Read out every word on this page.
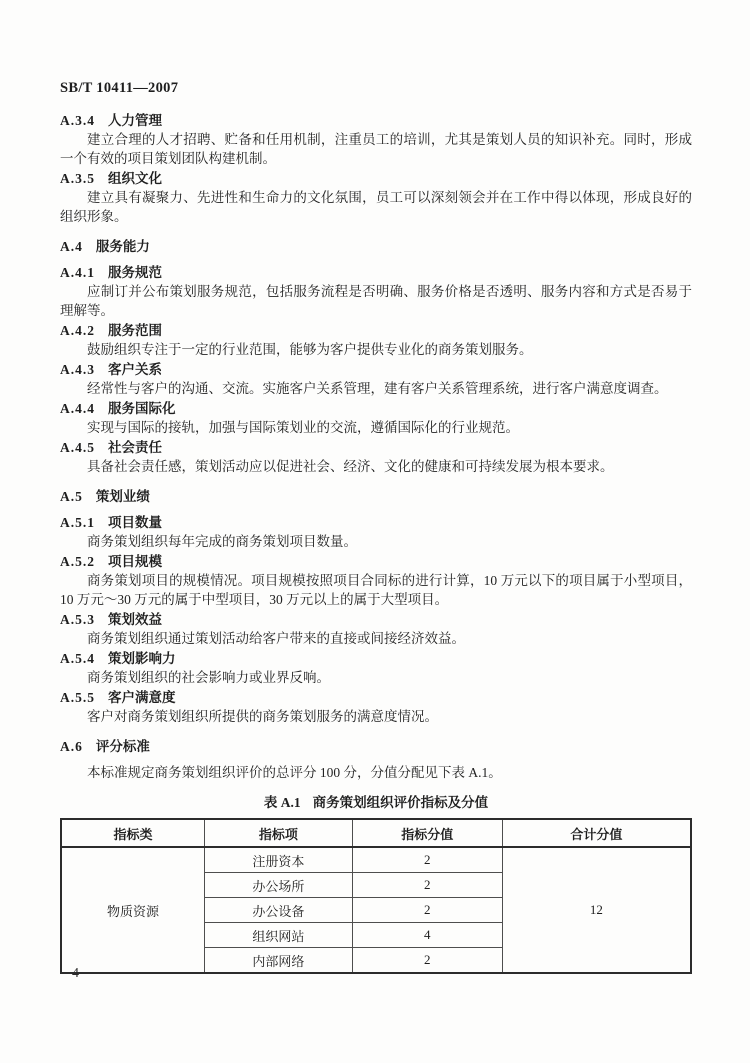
SB/T 10411—2007
A.3.4 人力管理

建立合理的人才招聘、贮备和任用机制，注重员工的培训，尤其是策划人员的知识补充。同时，形成一个有效的项目策划团队构建机制。

A.3.5 组织文化

建立具有凝聚力、先进性和生命力的文化氛围，员工可以深刻领会并在工作中得以体现，形成良好的组织形象。

A.4 服务能力
A.4.1 服务规范

应制订并公布策划服务规范，包括服务流程是否明确、服务价格是否透明、服务内容和方式是否易于理解等。

A.4.2 服务范围

鼓励组织专注于一定的行业范围，能够为客户提供专业化的商务策划服务。

A.4.3 客户关系

经常性与客户的沟通、交流。实施客户关系管理，建有客户关系管理系统，进行客户满意度调查。

A.4.4 服务国际化

实现与国际的接轨，加强与国际策划业的交流，遵循国际化的行业规范。

A.4.5 社会责任

具备社会责任感，策划活动应以促进社会、经济、文化的健康和可持续发展为根本要求。

A.5 策划业绩
A.5.1 项目数量

商务策划组织每年完成的商务策划项目数量。

A.5.2 项目规模

商务策划项目的规模情况。项目规模按照项目合同标的进行计算，10 万元以下的项目属于小型项目，10 万元～30 万元的属于中型项目，30 万元以上的属于大型项目。

A.5.3 策划效益

商务策划组织通过策划活动给客户带来的直接或间接经济效益。

A.5.4 策划影响力

商务策划组织的社会影响力或业界反响。

A.5.5 客户满意度

客户对商务策划组织所提供的商务策划服务的满意度情况。

A.6 评分标准

本标准规定商务策划组织评价的总评分 100 分，分值分配见下表 A.1。

表 A.1 商务策划组织评价指标及分值
指标类	指标项	指标分值	合计分值
物质资源	注册资本	2	12
	办公场所	2	
	办公设备	2	
	组织网站	4	
	内部网络	2	
4
